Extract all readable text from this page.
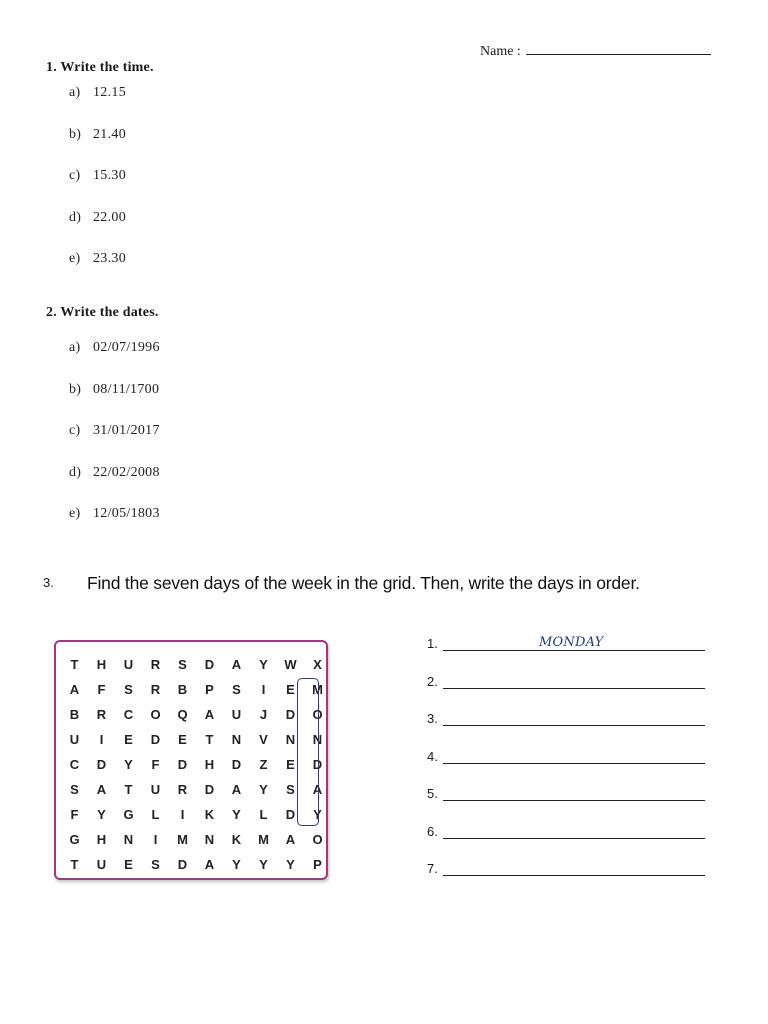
Name :
1. Write the time.
a) 12.15
b) 21.40
c) 15.30
d) 22.00
e) 23.30
2. Write the dates.
a) 02/07/1996
b) 08/11/1700
c) 31/01/2017
d) 22/02/2008
e) 12/05/1803
3. Find the seven days of the week in the grid. Then, write the days in order.
T	H	U	R	S	D	A	Y	W	X
A	F	S	R	B	P	S	I	E	M
B	R	C	O	Q	A	U	J	D	O
U	I	E	D	E	T	N	V	N	N
C	D	Y	F	D	H	D	Z	E	D
S	A	T	U	R	D	A	Y	S	A
F	Y	G	L	I	K	Y	L	D	Y
G	H	N	I	M	N	K	M	A	O
T	U	E	S	D	A	Y	Y	Y	P
1.	MONDAY
2.
3.
4.
5.
6.
7.
